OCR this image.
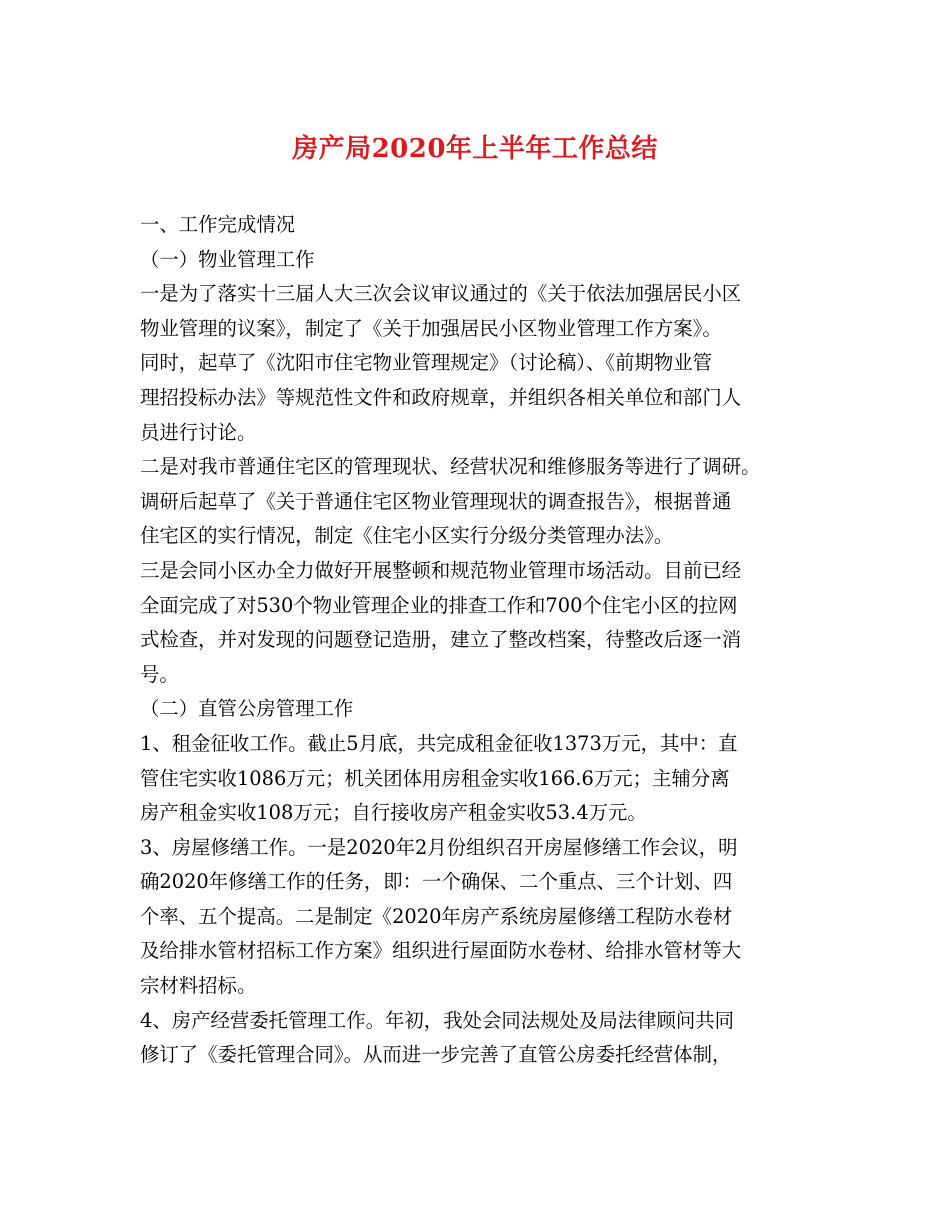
房产局2020年上半年工作总结
一、工作完成情况
（一）物业管理工作
一是为了落实十三届人大三次会议审议通过的《关于依法加强居民小区
物业管理的议案》，制定了《关于加强居民小区物业管理工作方案》。
同时，起草了《沈阳市住宅物业管理规定》（讨论稿）、《前期物业管
理招投标办法》等规范性文件和政府规章，并组织各相关单位和部门人
员进行讨论。
二是对我市普通住宅区的管理现状、经营状况和维修服务等进行了调研。
调研后起草了《关于普通住宅区物业管理现状的调查报告》，根据普通
住宅区的实行情况，制定《住宅小区实行分级分类管理办法》。
三是会同小区办全力做好开展整顿和规范物业管理市场活动。目前已经
全面完成了对530个物业管理企业的排查工作和700个住宅小区的拉网
式检查，并对发现的问题登记造册，建立了整改档案，待整改后逐一消
号。
（二）直管公房管理工作
1、租金征收工作。截止5月底，共完成租金征收1373万元，其中：直
管住宅实收1086万元；机关团体用房租金实收166.6万元；主辅分离
房产租金实收108万元；自行接收房产租金实收53.4万元。
3、房屋修缮工作。一是2020年2月份组织召开房屋修缮工作会议，明
确2020年修缮工作的任务，即：一个确保、二个重点、三个计划、四
个率、五个提高。二是制定《2020年房产系统房屋修缮工程防水卷材
及给排水管材招标工作方案》组织进行屋面防水卷材、给排水管材等大
宗材料招标。
4、房产经营委托管理工作。年初，我处会同法规处及局法律顾问共同
修订了《委托管理合同》。从而进一步完善了直管公房委托经营体制，
